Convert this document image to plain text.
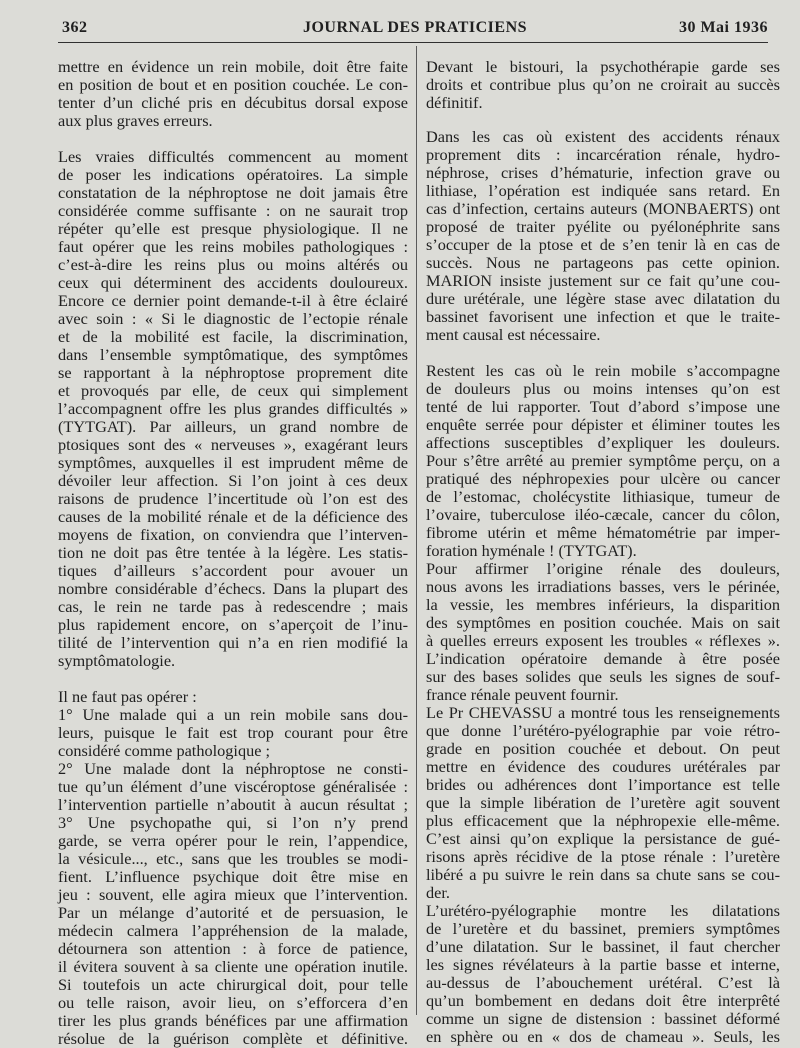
362	JOURNAL DES PRATICIENS	30 Mai 1936
mettre en évidence un rein mobile, doit être faite
en position de bout et en position couchée. Le con-
tenter d’un cliché pris en décubitus dorsal expose
aux plus graves erreurs.
Les vraies difficultés commencent au moment
de poser les indications opératoires. La simple
constatation de la néphroptose ne doit jamais être
considérée comme suffisante : on ne saurait trop
répéter qu’elle est presque physiologique. Il ne
faut opérer que les reins mobiles pathologiques :
c’est-à-dire les reins plus ou moins altérés ou
ceux qui déterminent des accidents douloureux.
Encore ce dernier point demande-t-il à être éclairé
avec soin : « Si le diagnostic de l’ectopie rénale
et de la mobilité est facile, la discrimination,
dans l’ensemble symptômatique, des symptômes
se rapportant à la néphroptose proprement dite
et provoqués par elle, de ceux qui simplement
l’accompagnent offre les plus grandes difficultés »
(TYTGAT). Par ailleurs, un grand nombre de
ptosiques sont des « nerveuses », exagérant leurs
symptômes, auxquelles il est imprudent même de
dévoiler leur affection. Si l’on joint à ces deux
raisons de prudence l’incertitude où l’on est des
causes de la mobilité rénale et de la déficience des
moyens de fixation, on conviendra que l’interven-
tion ne doit pas être tentée à la légère. Les statis-
tiques d’ailleurs s’accordent pour avouer un
nombre considérable d’échecs. Dans la plupart des
cas, le rein ne tarde pas à redescendre ; mais
plus rapidement encore, on s’aperçoit de l’inu-
tilité de l’intervention qui n’a en rien modifié la
symptômatologie.
Il ne faut pas opérer :
1° Une malade qui a un rein mobile sans dou-
leurs, puisque le fait est trop courant pour être
considéré comme pathologique ;
2° Une malade dont la néphroptose ne consti-
tue qu’un élément d’une viscéroptose généralisée :
l’intervention partielle n’aboutit à aucun résultat ;
3° Une psychopathe qui, si l’on n’y prend
garde, se verra opérer pour le rein, l’appendice,
la vésicule..., etc., sans que les troubles se modi-
fient. L’influence psychique doit être mise en
jeu : souvent, elle agira mieux que l’intervention.
Par un mélange d’autorité et de persuasion, le
médecin calmera l’appréhension de la malade,
détournera son attention : à force de patience,
il évitera souvent à sa cliente une opération inutile.
Si toutefois un acte chirurgical doit, pour telle
ou telle raison, avoir lieu, on s’efforcera d’en
tirer les plus grands bénéfices par une affirmation
résolue de la guérison complète et définitive.
Devant le bistouri, la psychothérapie garde ses
droits et contribue plus qu’on ne croirait au succès
définitif.
Dans les cas où existent des accidents rénaux
proprement dits : incarcération rénale, hydro-
néphrose, crises d’hématurie, infection grave ou
lithiase, l’opération est indiquée sans retard. En
cas d’infection, certains auteurs (MONBAERTS) ont
proposé de traiter pyélite ou pyélonéphrite sans
s’occuper de la ptose et de s’en tenir là en cas de
succès. Nous ne partageons pas cette opinion.
MARION insiste justement sur ce fait qu’une cou-
dure urétérale, une légère stase avec dilatation du
bassinet favorisent une infection et que le traite-
ment causal est nécessaire.
Restent les cas où le rein mobile s’accompagne
de douleurs plus ou moins intenses qu’on est
tenté de lui rapporter. Tout d’abord s’impose une
enquête serrée pour dépister et éliminer toutes les
affections susceptibles d’expliquer les douleurs.
Pour s’être arrêté au premier symptôme perçu, on a
pratiqué des néphropexies pour ulcère ou cancer
de l’estomac, cholécystite lithiasique, tumeur de
l’ovaire, tuberculose iléo-cæcale, cancer du côlon,
fibrome utérin et même hématométrie par imper-
foration hyménale ! (TYTGAT).
Pour affirmer l’origine rénale des douleurs,
nous avons les irradiations basses, vers le périnée,
la vessie, les membres inférieurs, la disparition
des symptômes en position couchée. Mais on sait
à quelles erreurs exposent les troubles « réflexes ».
L’indication opératoire demande à être posée
sur des bases solides que seuls les signes de souf-
france rénale peuvent fournir.
Le Pr CHEVASSU a montré tous les renseignements
que donne l’urétéro-pyélographie par voie rétro-
grade en position couchée et debout. On peut
mettre en évidence des coudures urétérales par
brides ou adhérences dont l’importance est telle
que la simple libération de l’uretère agit souvent
plus efficacement que la néphropexie elle-même.
C’est ainsi qu’on explique la persistance de gué-
risons après récidive de la ptose rénale : l’uretère
libéré a pu suivre le rein dans sa chute sans se cou-
der.
L’urétéro-pyélographie montre les dilatations
de l’uretère et du bassinet, premiers symptômes
d’une dilatation. Sur le bassinet, il faut chercher
les signes révélateurs à la partie basse et interne,
au-dessus de l’abouchement urétéral. C’est là
qu’un bombement en dedans doit être interprêté
comme un signe de distension : bassinet déformé
en sphère ou en « dos de chameau ». Seuls, les
